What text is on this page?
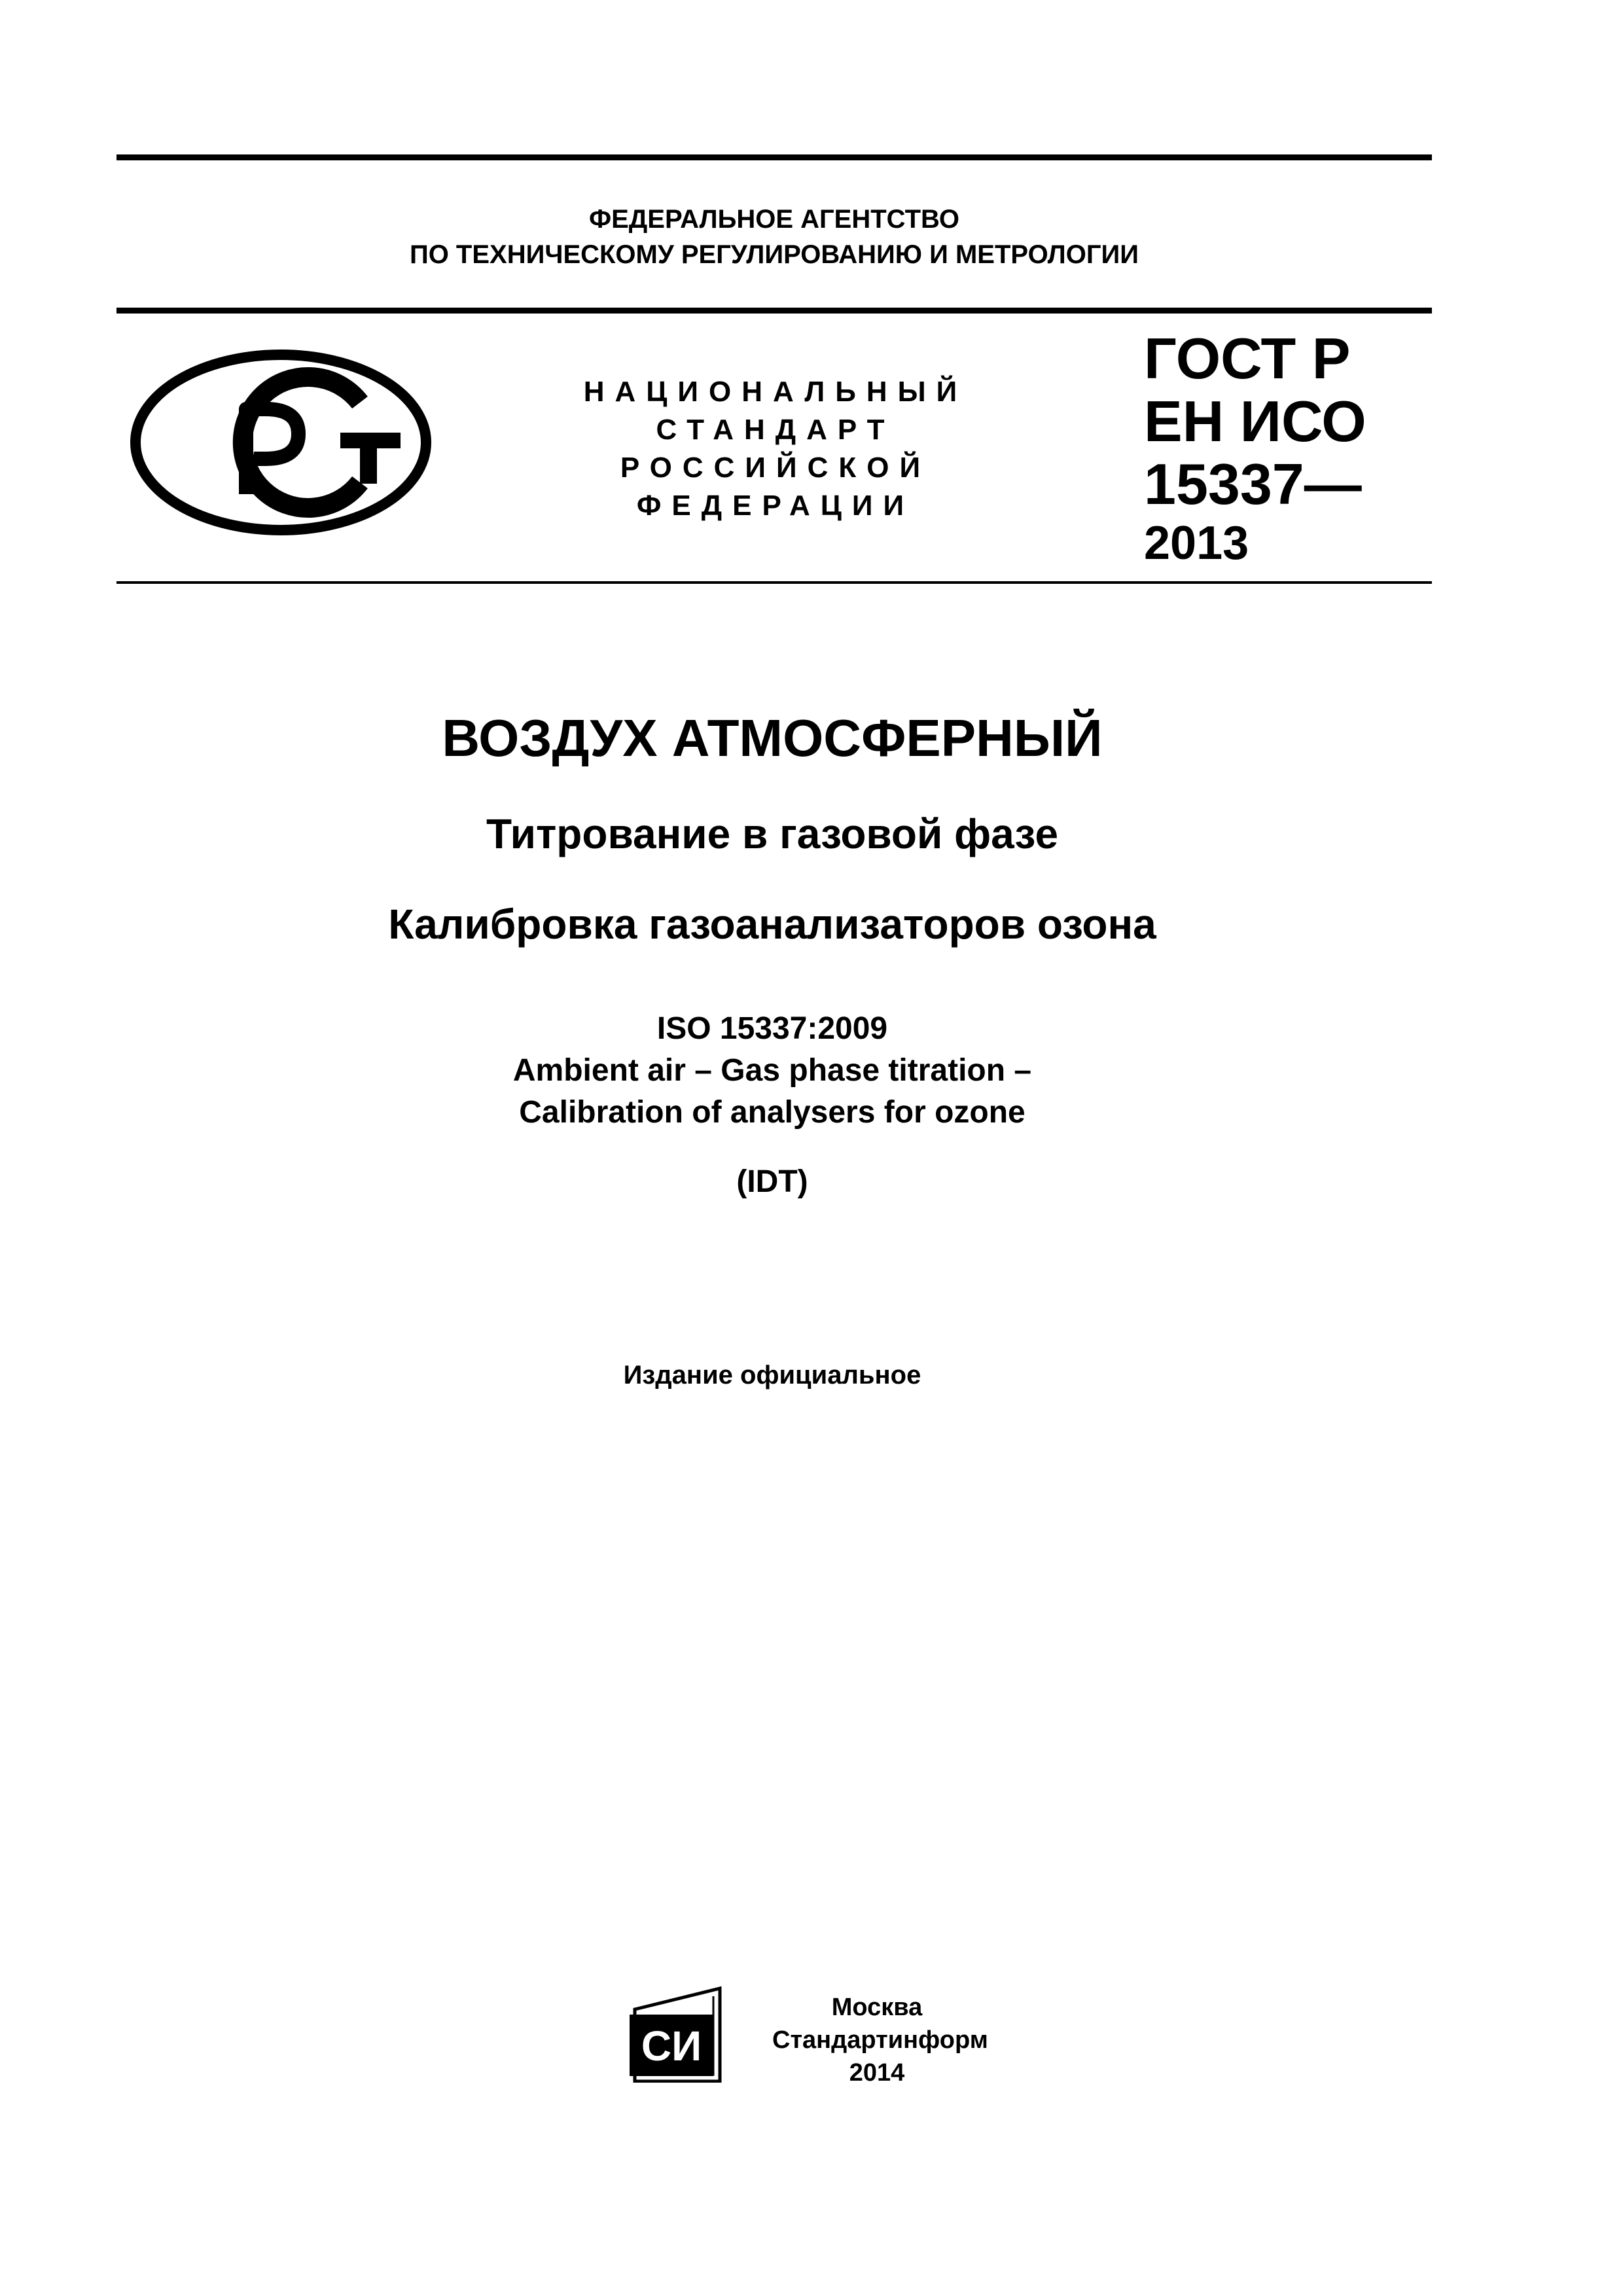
ФЕДЕРАЛЬНОЕ АГЕНТСТВО
ПО ТЕХНИЧЕСКОМУ РЕГУЛИРОВАНИЮ И МЕТРОЛОГИИ
НАЦИОНАЛЬНЫЙ
СТАНДАРТ
РОССИЙСКОЙ
ФЕДЕРАЦИИ
ГОСТ Р
ЕН ИСО
15337—
2013
ВОЗДУХ АТМОСФЕРНЫЙ
Титрование в газовой фазе
Калибровка газоанализаторов озона
ISO 15337:2009
Ambient air – Gas phase titration –
Calibration of analysers for ozone
(IDT)
Издание официальное
СИ
Москва
Стандартинформ
2014
